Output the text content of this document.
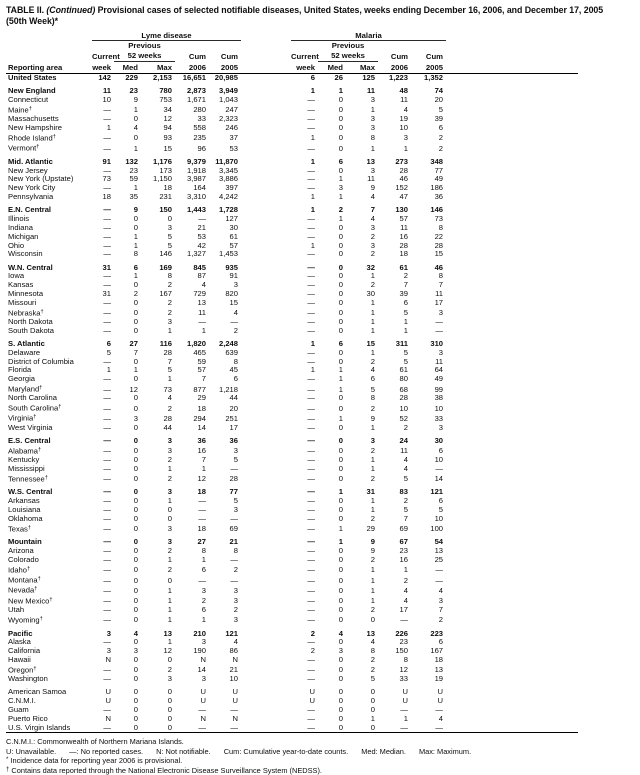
TABLE II. (Continued) Provisional cases of selected notifiable diseases, United States, weeks ending December 16, 2006, and December 17, 2005
(50th Week)*
	Lyme disease						Malaria					
		Previous						Previous				
	Current	52 weeks		Cum	Cum		Current	52 weeks		Cum	Cum	
Reporting area	week	Med	Max	2006	2005		week	Med	Max	2006	2005	
United States	142	229	2,153	16,651	20,985		6	26	125	1,223	1,352	

New England	11	23	780	2,873	3,949		1	1	11	48	74	
Connecticut	10	9	753	1,671	1,043		—	0	3	11	20	
Maine†	—	1	34	280	247		—	0	1	4	5	
Massachusetts	—	0	12	33	2,323		—	0	3	19	39	
New Hampshire	1	4	94	558	246		—	0	3	10	6	
Rhode Island†	—	0	93	235	37		1	0	8	3	2	
Vermont†	—	1	15	96	53		—	0	1	1	2	

Mid. Atlantic	91	132	1,176	9,379	11,870		1	6	13	273	348	
New Jersey	—	23	173	1,918	3,345		—	0	3	28	77	
New York (Upstate)	73	59	1,150	3,987	3,886		—	1	11	46	49	
New York City	—	1	18	164	397		—	3	9	152	186	
Pennsylvania	18	35	231	3,310	4,242		1	1	4	47	36	

E.N. Central	—	9	150	1,443	1,728		1	2	7	130	146	
Illinois	—	0	0	—	127		—	1	4	57	73	
Indiana	—	0	3	21	30		—	0	3	11	8	
Michigan	—	1	5	53	61		—	0	2	16	22	
Ohio	—	1	5	42	57		1	0	3	28	28	
Wisconsin	—	8	146	1,327	1,453		—	0	2	18	15	

W.N. Central	31	6	169	845	935		—	0	32	61	46	
Iowa	—	1	8	87	91		—	0	1	2	8	
Kansas	—	0	2	4	3		—	0	2	7	7	
Minnesota	31	2	167	729	820		—	0	30	39	11	
Missouri	—	0	2	13	15		—	0	1	6	17	
Nebraska†	—	0	2	11	4		—	0	1	5	3	
North Dakota	—	0	3	—	—		—	0	1	1	—	
South Dakota	—	0	1	1	2		—	0	1	1	—	

S. Atlantic	6	27	116	1,820	2,248		1	6	15	311	310	
Delaware	5	7	28	465	639		—	0	1	5	3	
District of Columbia	—	0	7	59	8		—	0	2	5	11	
Florida	1	1	5	57	45		1	1	4	61	64	
Georgia	—	0	1	7	6		—	1	6	80	49	
Maryland†	—	12	73	877	1,218		—	1	5	68	99	
North Carolina	—	0	4	29	44		—	0	8	28	38	
South Carolina†	—	0	2	18	20		—	0	2	10	10	
Virginia†	—	3	28	294	251		—	1	9	52	33	
West Virginia	—	0	44	14	17		—	0	1	2	3	

E.S. Central	—	0	3	36	36		—	0	3	24	30	
Alabama†	—	0	3	16	3		—	0	2	11	6	
Kentucky	—	0	2	7	5		—	0	1	4	10	
Mississippi	—	0	1	1	—		—	0	1	4	—	
Tennessee†	—	0	2	12	28		—	0	2	5	14	

W.S. Central	—	0	3	18	77		—	1	31	83	121	
Arkansas	—	0	1	—	5		—	0	1	2	6	
Louisiana	—	0	0	—	3		—	0	1	5	5	
Oklahoma	—	0	0	—	—		—	0	2	7	10	
Texas†	—	0	3	18	69		—	1	29	69	100	

Mountain	—	0	3	27	21		—	1	9	67	54	
Arizona	—	0	2	8	8		—	0	9	23	13	
Colorado	—	0	1	1	—		—	0	2	16	25	
Idaho†	—	0	2	6	2		—	0	1	1	—	
Montana†	—	0	0	—	—		—	0	1	2	—	
Nevada†	—	0	1	3	3		—	0	1	4	4	
New Mexico†	—	0	1	2	3		—	0	1	4	3	
Utah	—	0	1	6	2		—	0	2	17	7	
Wyoming†	—	0	1	1	3		—	0	0	—	2	

Pacific	3	4	13	210	121		2	4	13	226	223	
Alaska	—	0	1	3	4		—	0	4	23	6	
California	3	3	12	190	86		2	3	8	150	167	
Hawaii	N	0	0	N	N		—	0	2	8	18	
Oregon†	—	0	2	14	21		—	0	2	12	13	
Washington	—	0	3	3	10		—	0	5	33	19	

American Samoa	U	0	0	U	U		U	0	0	U	U	
C.N.M.I.	U	0	0	U	U		U	0	0	U	U	
Guam	—	0	0	—	—		—	0	0	—	—	
Puerto Rico	N	0	0	N	N		—	0	1	1	4	
U.S. Virgin Islands	—	0	0	—	—		—	0	0	—	—	
C.N.M.I.: Commonwealth of Northern Mariana Islands.
U: Unavailable. —: No reported cases. N: Not notifiable. Cum: Cumulative year-to-date counts. Med: Median. Max: Maximum.
* Incidence data for reporting year 2006 is provisional.
† Contains data reported through the National Electronic Disease Surveillance System (NEDSS).
